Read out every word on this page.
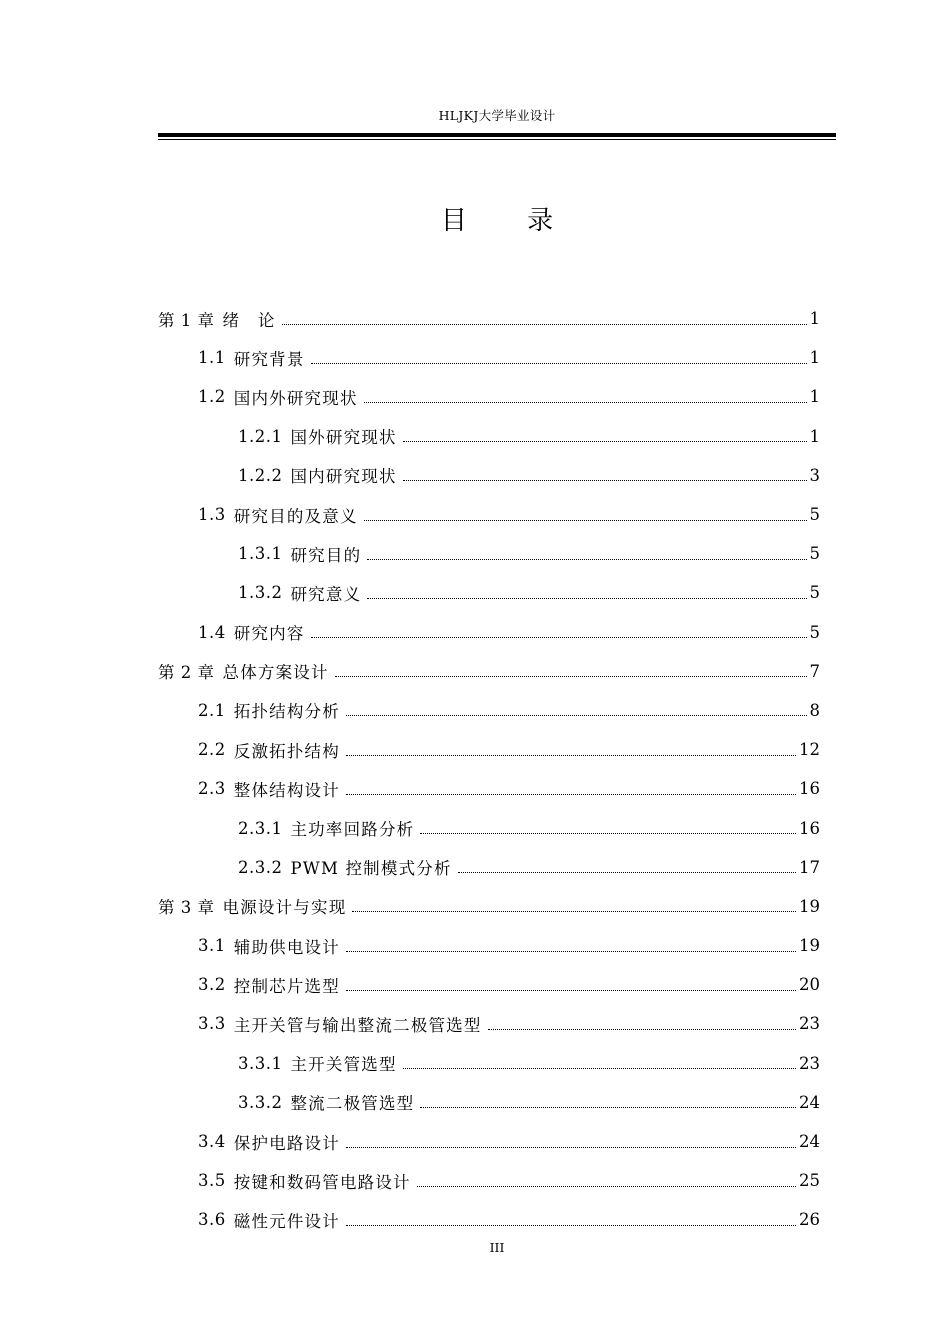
HLJKJ大学毕业设计
目 录
第 1 章 绪　论	1
1.1 研究背景	1
1.2 国内外研究现状	1
1.2.1 国外研究现状	1
1.2.2 国内研究现状	3
1.3 研究目的及意义	5
1.3.1 研究目的	5
1.3.2 研究意义	5
1.4 研究内容	5
第 2 章 总体方案设计	7
2.1 拓扑结构分析	8
2.2 反激拓扑结构	12
2.3 整体结构设计	16
2.3.1 主功率回路分析	16
2.3.2 PWM 控制模式分析	17
第 3 章 电源设计与实现	19
3.1 辅助供电设计	19
3.2 控制芯片选型	20
3.3 主开关管与输出整流二极管选型	23
3.3.1 主开关管选型	23
3.3.2 整流二极管选型	24
3.4 保护电路设计	24
3.5 按键和数码管电路设计	25
3.6 磁性元件设计	26
III
